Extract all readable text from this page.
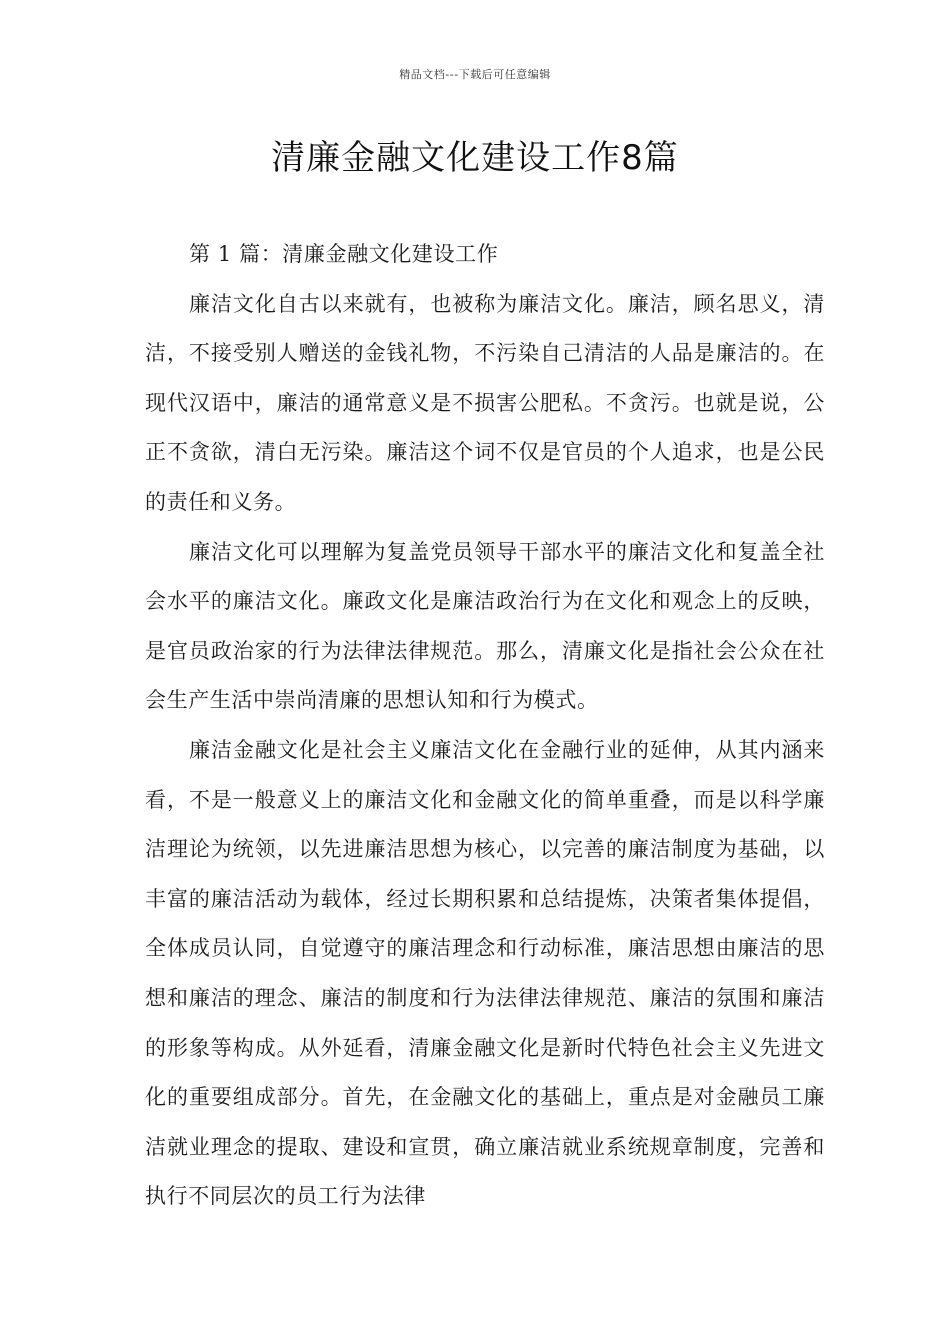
精品文档---下载后可任意编辑
清廉金融文化建设工作8篇

第 1 篇：清廉金融文化建设工作

廉洁文化自古以来就有，也被称为廉洁文化。廉洁，顾名思义，清洁，不接受别人赠送的金钱礼物，不污染自己清洁的人品是廉洁的。在现代汉语中，廉洁的通常意义是不损害公肥私。不贪污。也就是说，公正不贪欲，清白无污染。廉洁这个词不仅是官员的个人追求，也是公民的责任和义务。

廉洁文化可以理解为复盖党员领导干部水平的廉洁文化和复盖全社会水平的廉洁文化。廉政文化是廉洁政治行为在文化和观念上的反映，是官员政治家的行为法律法律规范。那么，清廉文化是指社会公众在社会生产生活中崇尚清廉的思想认知和行为模式。

廉洁金融文化是社会主义廉洁文化在金融行业的延伸，从其内涵来看，不是一般意义上的廉洁文化和金融文化的简单重叠，而是以科学廉洁理论为统领，以先进廉洁思想为核心，以完善的廉洁制度为基础，以丰富的廉洁活动为载体，经过长期积累和总结提炼，决策者集体提倡，全体成员认同，自觉遵守的廉洁理念和行动标准，廉洁思想由廉洁的思想和廉洁的理念、廉洁的制度和行为法律法律规范、廉洁的氛围和廉洁的形象等构成。从外延看，清廉金融文化是新时代特色社会主义先进文化的重要组成部分。首先，在金融文化的基础上，重点是对金融员工廉洁就业理念的提取、建设和宣贯，确立廉洁就业系统规章制度，完善和执行不同层次的员工行为法律
